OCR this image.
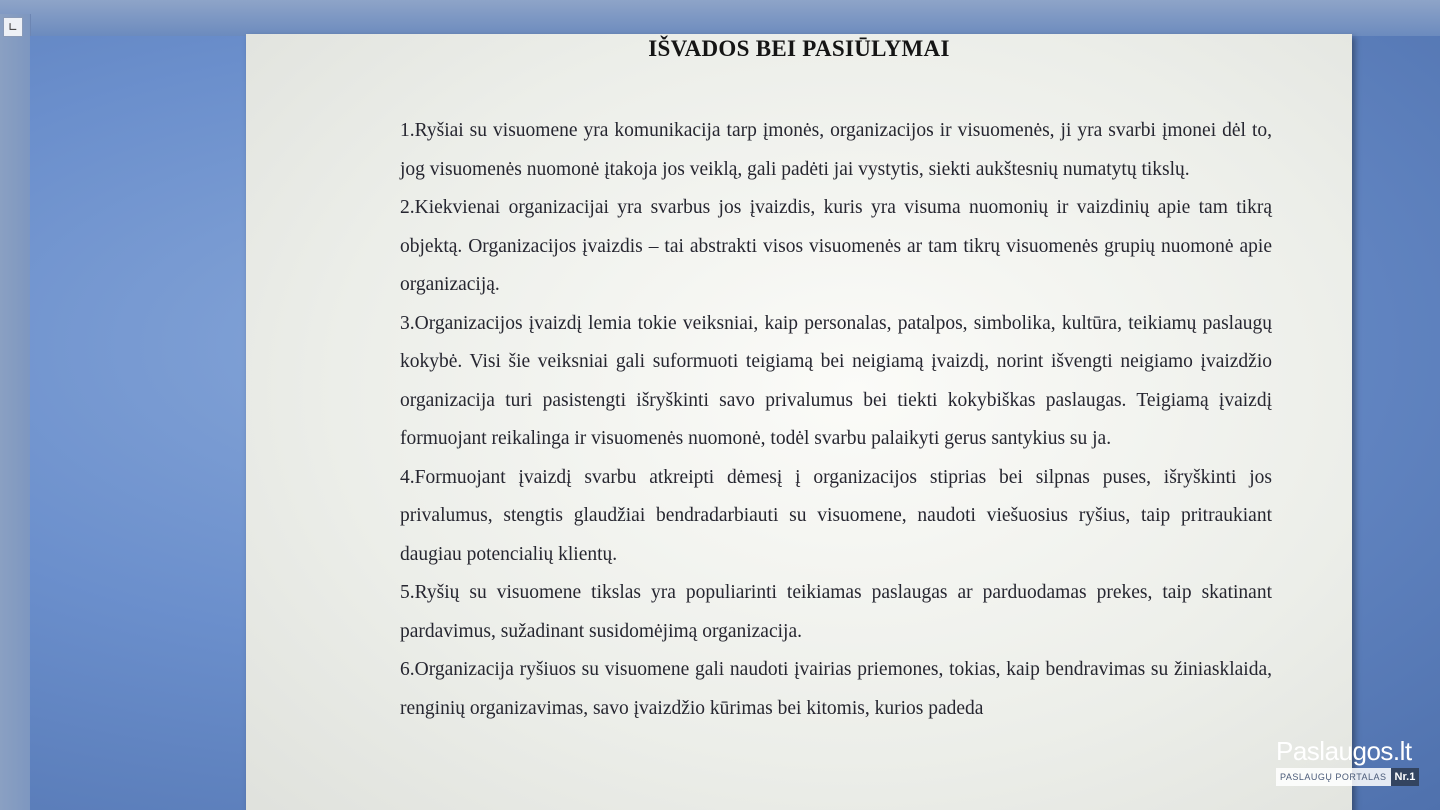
∟
IŠVADOS BEI PASIŪLYMAI
1.Ryšiai su visuomene yra komunikacija tarp įmonės, organizacijos ir visuomenės, ji yra svarbi įmonei dėl to, jog visuomenės nuomonė įtakoja jos veiklą, gali padėti jai vystytis, siekti aukštesnių numatytų tikslų.
2.Kiekvienai organizacijai yra svarbus jos įvaizdis, kuris yra visuma nuomonių ir vaizdinių apie tam tikrą objektą. Organizacijos įvaizdis – tai abstrakti visos visuomenės ar tam tikrų visuomenės grupių nuomonė apie organizaciją.
3.Organizacijos įvaizdį lemia tokie veiksniai, kaip personalas, patalpos, simbolika, kultūra, teikiamų paslaugų kokybė. Visi šie veiksniai gali suformuoti teigiamą bei neigiamą įvaizdį, norint išvengti neigiamo įvaizdžio organizacija turi pasistengti išryškinti savo privalumus bei tiekti kokybiškas paslaugas. Teigiamą įvaizdį formuojant reikalinga ir visuomenės nuomonė, todėl svarbu palaikyti gerus santykius su ja.
4.Formuojant įvaizdį svarbu atkreipti dėmesį į organizacijos stiprias bei silpnas puses, išryškinti jos privalumus, stengtis glaudžiai bendradarbiauti su visuomene, naudoti viešuosius ryšius, taip pritraukiant daugiau potencialių klientų.
5.Ryšių su visuomene tikslas yra populiarinti teikiamas paslaugas ar parduodamas prekes, taip skatinant pardavimus, sužadinant susidomėjimą organizacija.
6.Organizacija ryšiuos su visuomene gali naudoti įvairias priemones, tokias, kaip bendravimas su žiniasklaida, renginių organizavimas, savo įvaizdžio kūrimas bei kitomis, kurios padeda
Paslaugos.lt
PASLAUGŲ PORTALAS Nr.1
